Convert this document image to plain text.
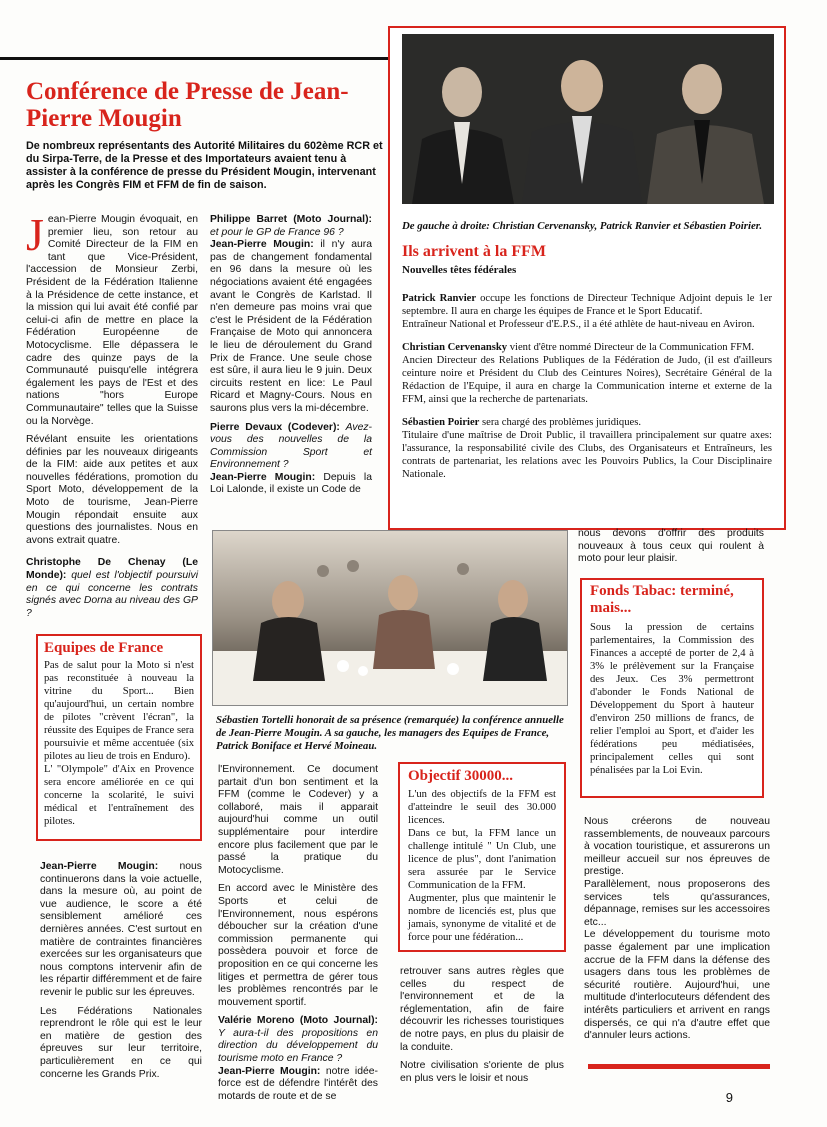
Conférence de Presse de Jean-Pierre Mougin

De nombreux représentants des Autorité Militaires du 602ème RCR et du Sirpa-Terre, de la Presse et des Importateurs avaient tenu à assister à la conférence de presse du Président Mougin, intervenant après les Congrès FIM et FFM de fin de saison.

Jean-Pierre Mougin évoquait, en premier lieu, son retour au Comité Directeur de la FIM en tant que Vice-Président, l'accession de Monsieur Zerbi, Président de la Fédération Italienne à la Présidence de cette instance, et la mission qui lui avait été confié par celui-ci afin de mettre en place la Fédération Européenne de Motocyclisme. Elle dépassera le cadre des quinze pays de la Communauté puisqu'elle intégrera également les pays de l'Est et des nations "hors Europe Communautaire" telles que la Suisse ou la Norvège.

Révélant ensuite les orientations définies par les nouveaux dirigeants de la FIM: aide aux petites et aux nouvelles fédérations, promotion du Sport Moto, développement de la Moto de tourisme, Jean-Pierre Mougin répondait ensuite aux questions des journalistes. Nous en avons extrait quatre.

Christophe De Chenay (Le Monde): quel est l'objectif poursuivi en ce qui concerne les contrats signés avec Dorna au niveau des GP ?

Equipes de France

Pas de salut pour la Moto si n'est pas reconstituée à nouveau la vitrine du Sport... Bien qu'aujourd'hui, un certain nombre de pilotes "crèvent l'écran", la réussite des Equipes de France sera poursuivie et même accentuée (six pilotes au lieu de trois en Enduro).

L' "Olympole" d'Aix en Provence sera encore améliorée en ce qui concerne la scolarité, le suivi médical et l'entraînement des pilotes.

Jean-Pierre Mougin: nous continuerons dans la voie actuelle, dans la mesure où, au point de vue audience, le score a été sensiblement amélioré ces dernières années. C'est surtout en matière de contraintes financières exercées sur les organisateurs que nous comptons intervenir afin de les répartir différemment et de faire revenir le public sur les épreuves.

Les Fédérations Nationales reprendront le rôle qui est le leur en matière de gestion des épreuves sur leur territoire, particulièrement en ce qui concerne les Grands Prix.

Philippe Barret (Moto Journal): et pour le GP de France 96 ?

Jean-Pierre Mougin: il n'y aura pas de changement fondamental en 96 dans la mesure où les négociations avaient été engagées avant le Congrès de Karlstad. Il n'en demeure pas moins vrai que c'est le Président de la Fédération Française de Moto qui annoncera le lieu de déroulement du Grand Prix de France. Une seule chose est sûre, il aura lieu le 9 juin. Deux circuits restent en lice: Le Paul Ricard et Magny-Cours. Nous en saurons plus vers la mi-décembre.

Pierre Devaux (Codever): Avez-vous des nouvelles de la Commission Sport et Environnement ?

Jean-Pierre Mougin: Depuis la Loi Lalonde, il existe un Code de

De gauche à droite: Christian Cervenansky, Patrick Ranvier et Sébastien Poirier.

Ils arrivent à la FFM

Nouvelles têtes fédérales

Patrick Ranvier occupe les fonctions de Directeur Technique Adjoint depuis le 1er septembre. Il aura en charge les équipes de France et le Sport Educatif.

Entraîneur National et Professeur d'E.P.S., il a été athlète de haut-niveau en Aviron.

Christian Cervenansky vient d'être nommé Directeur de la Communication FFM.

Ancien Directeur des Relations Publiques de la Fédération de Judo, (il est d'ailleurs ceinture noire et Président du Club des Ceintures Noires), Secrétaire Général de la Rédaction de l'Equipe, il aura en charge la Communication interne et externe de la FFM, ainsi que la recherche de partenariats.

Sébastien Poirier sera chargé des problèmes juridiques.

Titulaire d'une maîtrise de Droit Public, il travaillera principalement sur quatre axes: l'assurance, la responsabilité civile des Clubs, des Organisateurs et Entraîneurs, les contrats de partenariat, les relations avec les Pouvoirs Publics, la Cour Disciplinaire Nationale.

nous devons d'offrir des produits nouveaux à tous ceux qui roulent à moto pour leur plaisir.

Sébastien Tortelli honorait de sa présence (remarquée) la conférence annuelle de Jean-Pierre Mougin. A sa gauche, les managers des Equipes de France, Patrick Boniface et Hervé Moineau.

Fonds Tabac: terminé, mais...

Sous la pression de certains parlementaires, la Commission des Finances a accepté de porter de 2,4 à 3% le prélèvement sur la Française des Jeux. Ces 3% permettront d'abonder le Fonds National de Développement du Sport à hauteur d'environ 250 millions de francs, de relier l'emploi au Sport, et d'aider les fédérations peu médiatisées, principalement celles qui sont pénalisées par la Loi Evin.

l'Environnement. Ce document partait d'un bon sentiment et la FFM (comme le Codever) y a collaboré, mais il apparait aujourd'hui comme un outil supplémentaire pour interdire encore plus facilement que par le passé la pratique du Motocyclisme.

En accord avec le Ministère des Sports et celui de l'Environnement, nous espérons déboucher sur la création d'une commission permanente qui possèdera pouvoir et force de proposition en ce qui concerne les litiges et permettra de gérer tous les problèmes rencontrés par le mouvement sportif.

Valérie Moreno (Moto Journal): Y aura-t-il des propositions en direction du développement du tourisme moto en France ?

Jean-Pierre Mougin: notre idée-force est de défendre l'intérêt des motards de route et de se

Objectif 30000...

L'un des objectifs de la FFM est d'atteindre le seuil des 30.000 licences.

Dans ce but, la FFM lance un challenge intitulé " Un Club, une licence de plus", dont l'animation sera assurée par le Service Communication de la FFM.

Augmenter, plus que maintenir le nombre de licenciés est, plus que jamais, synonyme de vitalité et de force pour une fédération...

retrouver sans autres règles que celles du respect de l'environnement et de la réglementation, afin de faire découvrir les richesses touristiques de notre pays, en plus du plaisir de la conduite.

Notre civilisation s'oriente de plus en plus vers le loisir et nous

Nous créerons de nouveau rassemblements, de nouveaux parcours à vocation touristique, et assurerons un meilleur accueil sur nos épreuves de prestige.

Parallèlement, nous proposerons des services tels qu'assurances, dépannage, remises sur les accessoires etc...

Le développement du tourisme moto passe également par une implication accrue de la FFM dans la défense des usagers dans tous les problèmes de sécurité routière. Aujourd'hui, une multitude d'interlocuteurs défendent des intérêts particuliers et arrivent en rangs dispersés, ce qui n'a d'autre effet que d'annuler leurs actions.

9
